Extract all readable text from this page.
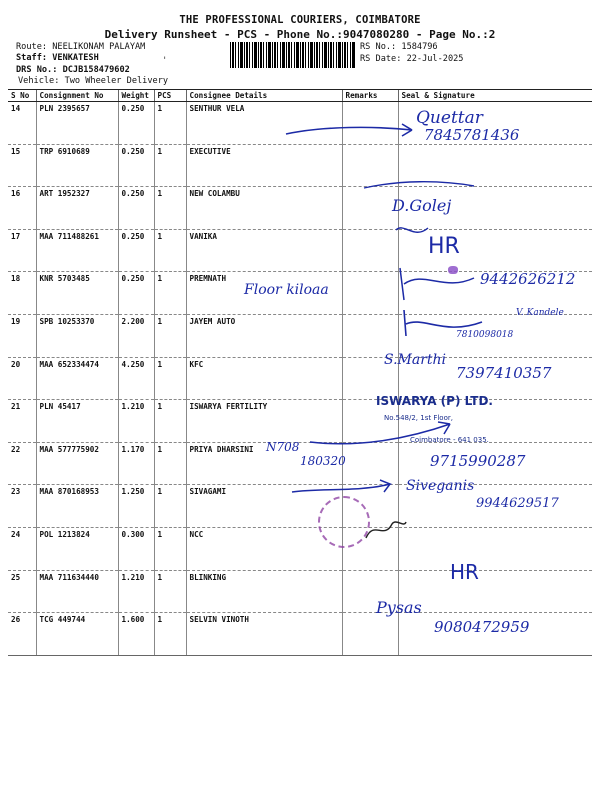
THE PROFESSIONAL COURIERS, COIMBATORE
Delivery Runsheet - PCS - Phone No.:9047080280 - Page No.:2
Route: NEELIKONAM PALAYAM
Staff: VENKATESH
DRS No.: DCJB158479602
Vehicle: Two Wheeler Delivery
RS No.: 1584796
RS Date: 22-Jul-2025
S No	Consignment No	Weight	PCS	Consignee Details	Remarks	Seal & Signature
14	PLN 2395657	0.250	1	SENTHUR VELA		
15	TRP 6910689	0.250	1	EXECUTIVE		
16	ART 1952327	0.250	1	NEW COLAMBU		
17	MAA 711488261	0.250	1	VANIKA		
18	KNR 5703485	0.250	1	PREMNATH		
19	SPB 10253370	2.200	1	JAYEM AUTO		
20	MAA 652334474	4.250	1	KFC		
21	PLN 45417	1.210	1	ISWARYA FERTILITY		
22	MAA 577775902	1.170	1	PRIYA DHARSINI		
23	MAA 870168953	1.250	1	SIVAGAMI		
24	POL 1213824	0.300	1	NCC		
25	MAA 711634440	1.210	1	BLINKING		
26	TCG 449744	1.600	1	SELVIN VINOTH		
Quettar
7845781436
D.Golej
HR
Floor kiloaa
9442626212
V. Kandele
7810098018
S.Marthi
7397410357
ISWARYA (P) LTD.
No.548/2, 1st Floor,
Coimbatore - 641 035.
N708
180320	9715990287
Siveganis
9944629517
HR
Pysas
9080472959
'
